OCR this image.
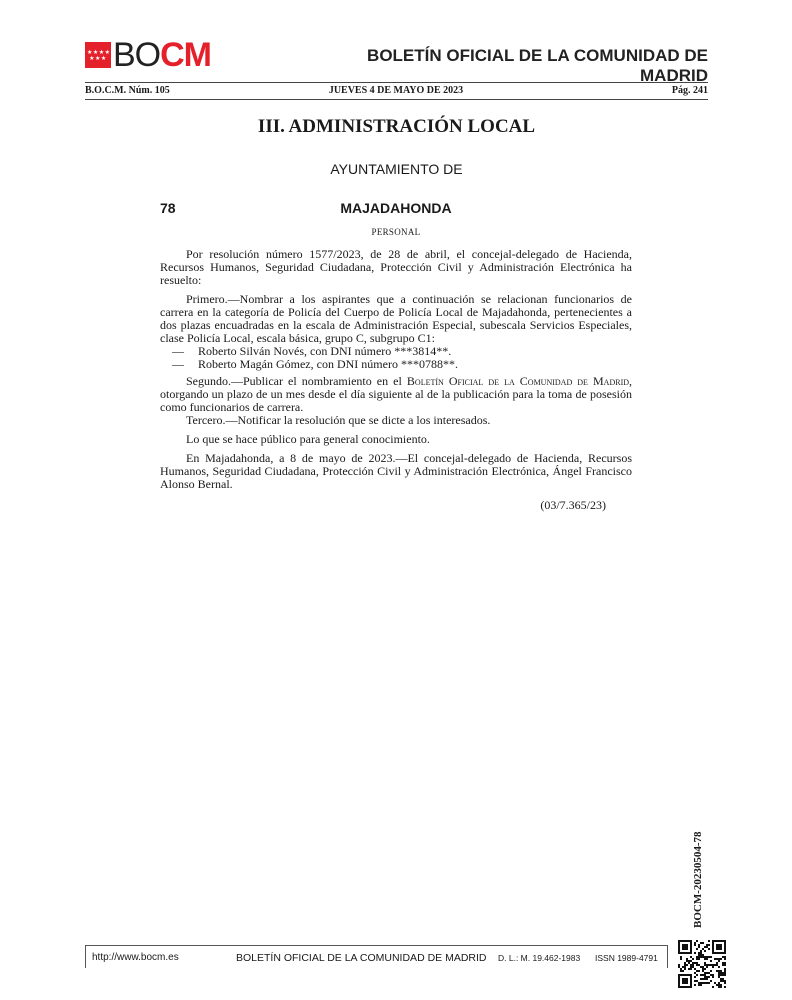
★★★★
★★★ BO CM	BOLETÍN OFICIAL DE LA COMUNIDAD DE MADRID
B.O.C.M. Núm. 105	JUEVES 4 DE MAYO DE 2023	Pág. 241
III. ADMINISTRACIÓN LOCAL
AYUNTAMIENTO DE
78	MAJADAHONDA
PERSONAL

Por resolución número 1577/2023, de 28 de abril, el concejal-delegado de Hacienda, Recursos Humanos, Seguridad Ciudadana, Protección Civil y Administración Electrónica ha resuelto:

Primero.—Nombrar a los aspirantes que a continuación se relacionan funcionarios de carrera en la categoría de Policía del Cuerpo de Policía Local de Majadahonda, pertenecientes a dos plazas encuadradas en la escala de Administración Especial, subescala Servicios Especiales, clase Policía Local, escala básica, grupo C, subgrupo C1:

— Roberto Silván Novés, con DNI número ***3814**.

— Roberto Magán Gómez, con DNI número ***0788**.

Segundo.—Publicar el nombramiento en el Boletín Oficial de la Comunidad de Madrid, otorgando un plazo de un mes desde el día siguiente al de la publicación para la toma de posesión como funcionarios de carrera.

Tercero.—Notificar la resolución que se dicte a los interesados.

Lo que se hace público para general conocimiento.

En Majadahonda, a 8 de mayo de 2023.—El concejal-delegado de Hacienda, Recursos Humanos, Seguridad Ciudadana, Protección Civil y Administración Electrónica, Ángel Francisco Alonso Bernal.

(03/7.365/23)
BOCM-20230504-78
http://www.bocm.es	BOLETÍN OFICIAL DE LA COMUNIDAD DE MADRID D. L.: M. 19.462-1983 ISSN 1989-4791
